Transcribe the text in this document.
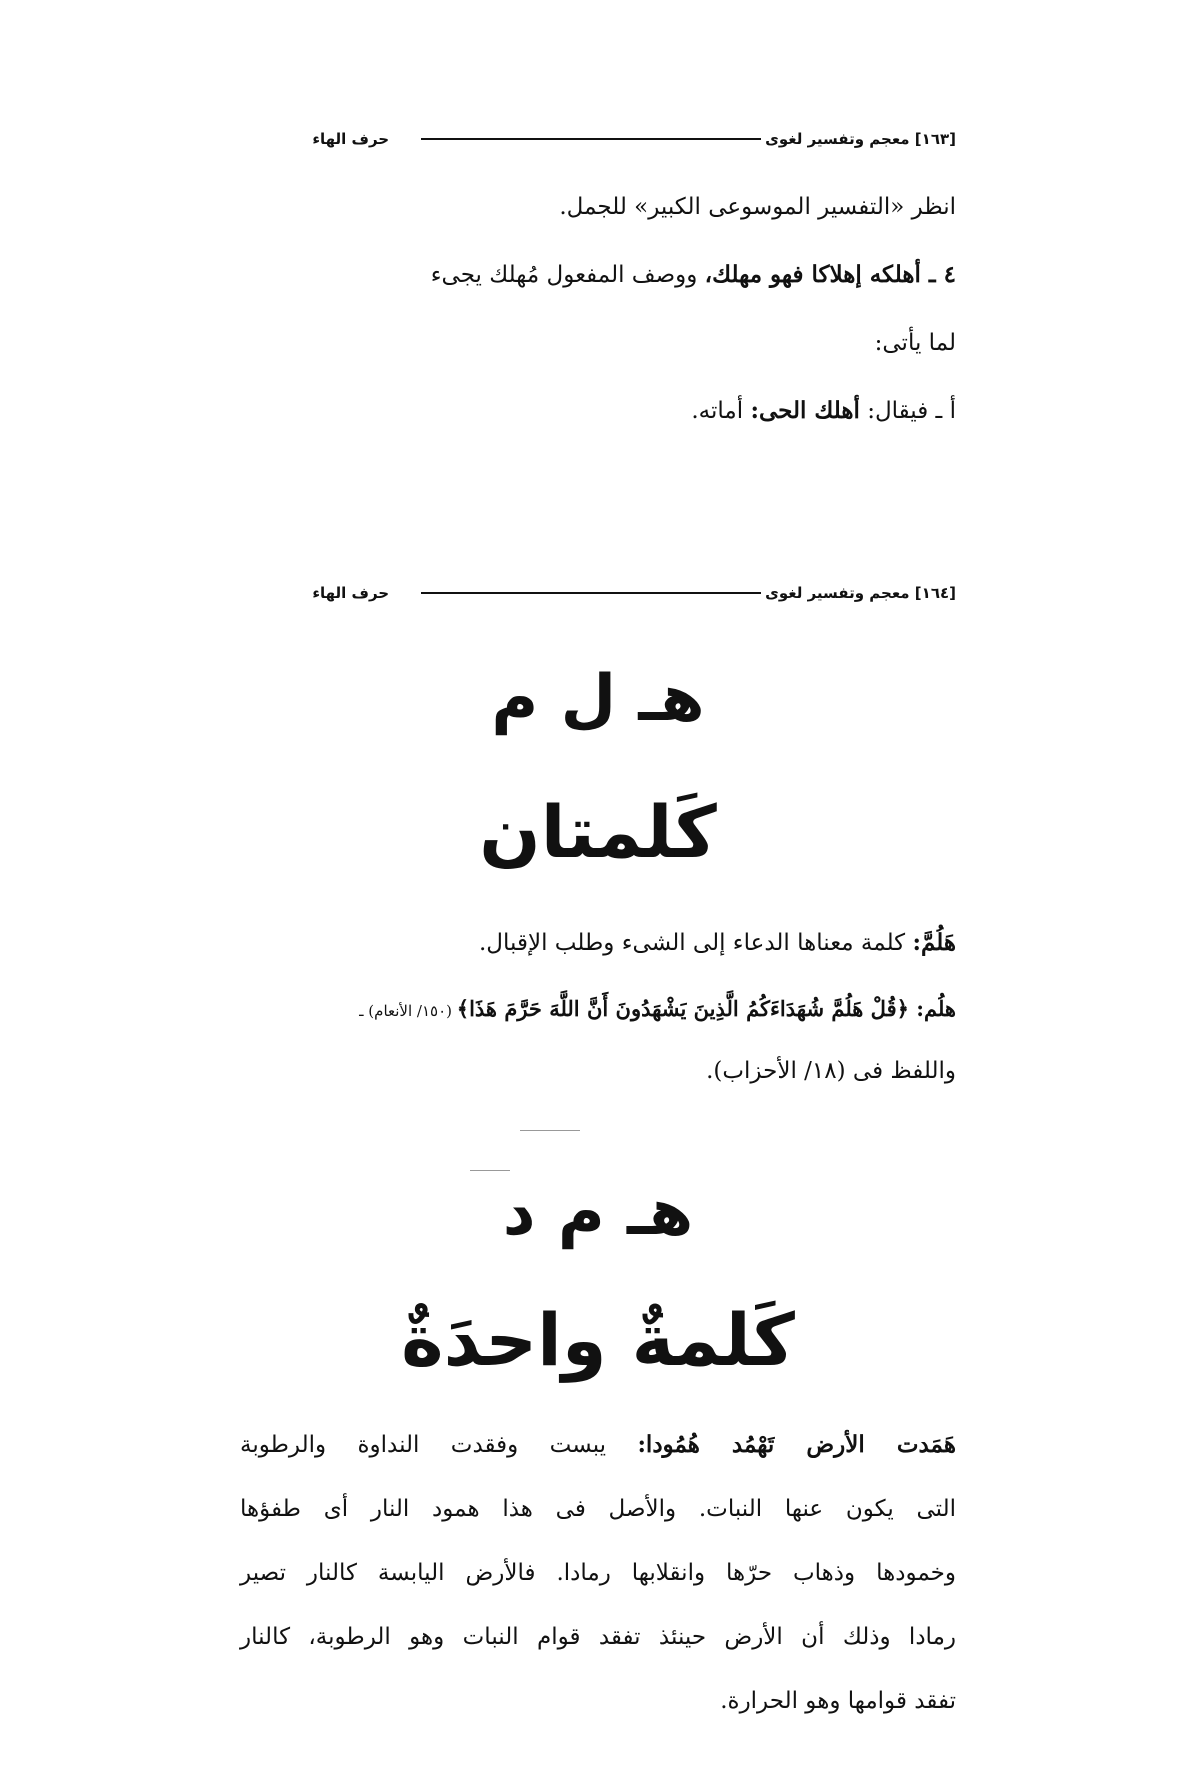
[١٦٣] معجم وتفسير لغوى
حرف الهاء
انظر «التفسير الموسوعى الكبير» للجمل.
٤ ـ أهلكه إهلاكا فهو مهلك، ووصف المفعول مُهلك يجىء
لما يأتى:
أ ـ فيقال: أهلك الحى: أماته.
[١٦٤] معجم وتفسير لغوى
حرف الهاء
هـ ل م
كَلمتان
هَلُمَّ: كلمة معناها الدعاء إلى الشىء وطلب الإقبال.
هلُم: ﴿قُلْ هَلُمَّ شُهَدَاءَكُمُ الَّذِينَ يَشْهَدُونَ أَنَّ اللَّهَ حَرَّمَ هَذَا﴾ (١٥٠/ الأنعام) ـ
واللفظ فى (١٨/ الأحزاب).
هـ م د
كَلمةٌ واحدَةٌ
هَمَدت الأرض تَهْمُد هُمُودا: يبست وفقدت النداوة والرطوبة
التى يكون عنها النبات. والأصل فى هذا همود النار أى طفؤها
وخمودها وذهاب حرّها وانقلابها رمادا. فالأرض اليابسة كالنار تصير
رمادا وذلك أن الأرض حينئذ تفقد قوام النبات وهو الرطوبة، كالنار
تفقد قوامها وهو الحرارة.
